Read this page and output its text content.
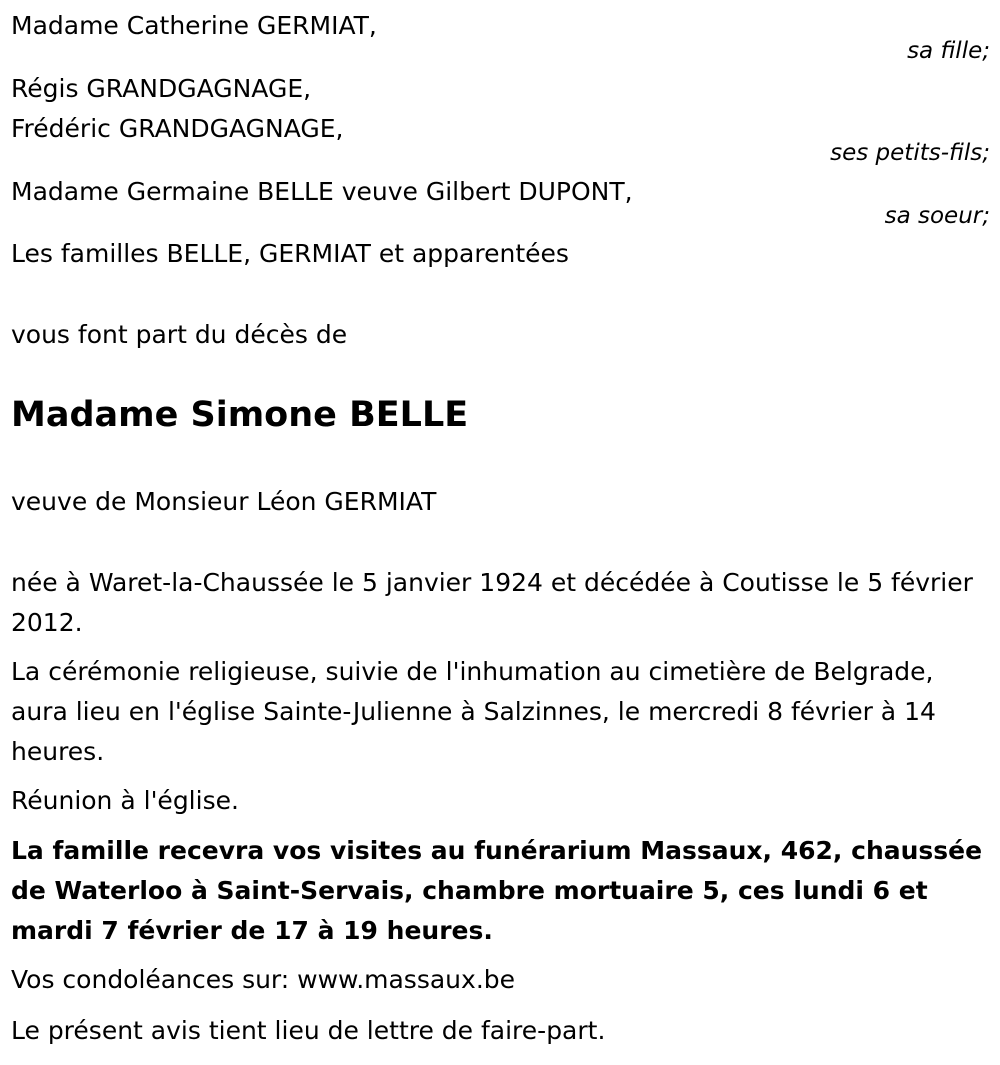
Madame Catherine GERMIAT,
sa fille;
Régis GRANDGAGNAGE,
Frédéric GRANDGAGNAGE,
ses petits-fils;
Madame Germaine BELLE veuve Gilbert DUPONT,
sa soeur;
Les familles BELLE, GERMIAT et apparentées
vous font part du décès de
Madame Simone BELLE
veuve de Monsieur Léon GERMIAT
née à Waret-la-Chaussée le 5 janvier 1924 et décédée à Coutisse le 5 février 2012.
La cérémonie religieuse, suivie de l'inhumation au cimetière de Belgrade, aura lieu en l'église Sainte-Julienne à Salzinnes, le mercredi 8 février à 14 heures.
Réunion à l'église.
La famille recevra vos visites au funérarium Massaux, 462, chaussée de Waterloo à Saint-Servais, chambre mortuaire 5, ces lundi 6 et mardi 7 février de 17 à 19 heures.
Vos condoléances sur: www.massaux.be
Le présent avis tient lieu de lettre de faire-part.
